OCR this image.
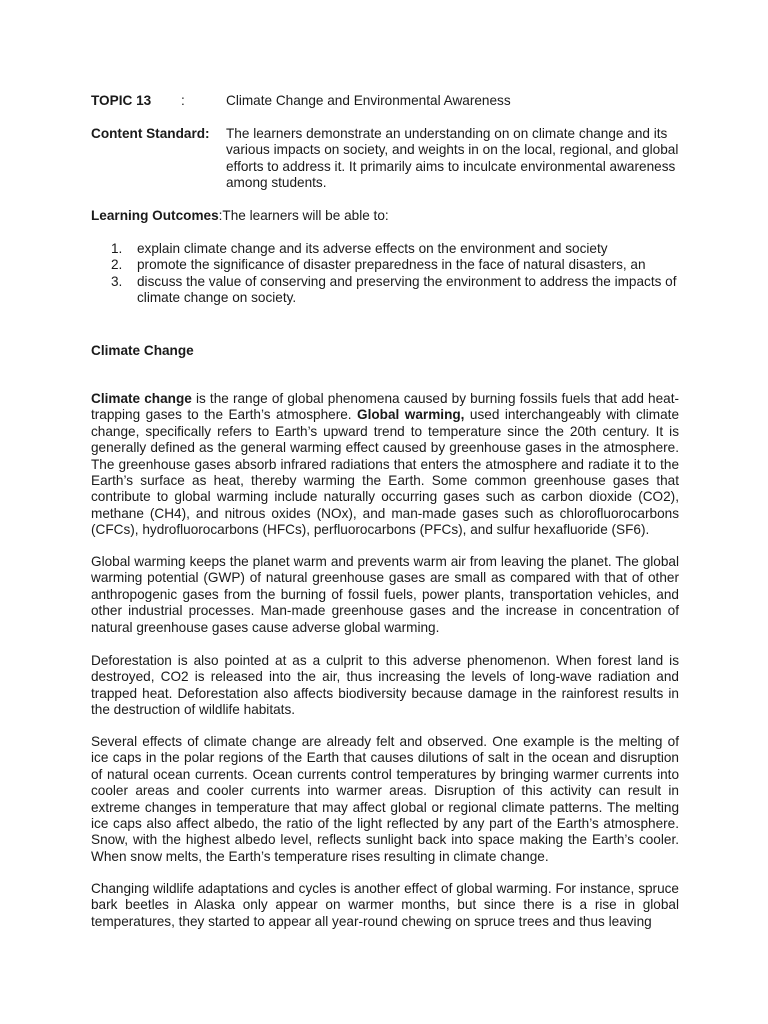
TOPIC 13 :	Climate Change and Environmental Awareness
Content Standard: The learners demonstrate an understanding on on climate change and its various impacts on society, and weights in on the local, regional, and global efforts to address it. It primarily aims to inculcate environmental awareness among students.
Learning Outcomes:The learners will be able to:
1.	explain climate change and its adverse effects on the environment and society
2.	promote the significance of disaster preparedness in the face of natural disasters, an
3.	discuss the value of conserving and preserving the environment to address the impacts of climate change on society.
Climate Change

Climate change is the range of global phenomena caused by burning fossils fuels that add heat-trapping gases to the Earth’s atmosphere. Global warming, used interchangeably with climate change, specifically refers to Earth’s upward trend to temperature since the 20th century. It is generally defined as the general warming effect caused by greenhouse gases in the atmosphere. The greenhouse gases absorb infrared radiations that enters the atmosphere and radiate it to the Earth’s surface as heat, thereby warming the Earth. Some common greenhouse gases that contribute to global warming include naturally occurring gases such as carbon dioxide (CO2), methane (CH4), and nitrous oxides (NOx), and man-made gases such as chlorofluorocarbons (CFCs), hydrofluorocarbons (HFCs), perfluorocarbons (PFCs), and sulfur hexafluoride (SF6).

Global warming keeps the planet warm and prevents warm air from leaving the planet. The global warming potential (GWP) of natural greenhouse gases are small as compared with that of other anthropogenic gases from the burning of fossil fuels, power plants, transportation vehicles, and other industrial processes. Man-made greenhouse gases and the increase in concentration of natural greenhouse gases cause adverse global warming.

Deforestation is also pointed at as a culprit to this adverse phenomenon. When forest land is destroyed, CO2 is released into the air, thus increasing the levels of long-wave radiation and trapped heat. Deforestation also affects biodiversity because damage in the rainforest results in the destruction of wildlife habitats.

Several effects of climate change are already felt and observed. One example is the melting of ice caps in the polar regions of the Earth that causes dilutions of salt in the ocean and disruption of natural ocean currents. Ocean currents control temperatures by bringing warmer currents into cooler areas and cooler currents into warmer areas. Disruption of this activity can result in extreme changes in temperature that may affect global or regional climate patterns. The melting ice caps also affect albedo, the ratio of the light reflected by any part of the Earth’s atmosphere. Snow, with the highest albedo level, reflects sunlight back into space making the Earth’s cooler. When snow melts, the Earth’s temperature rises resulting in climate change.

Changing wildlife adaptations and cycles is another effect of global warming. For instance, spruce bark beetles in Alaska only appear on warmer months, but since there is a rise in global temperatures, they started to appear all year-round chewing on spruce trees and thus leaving
